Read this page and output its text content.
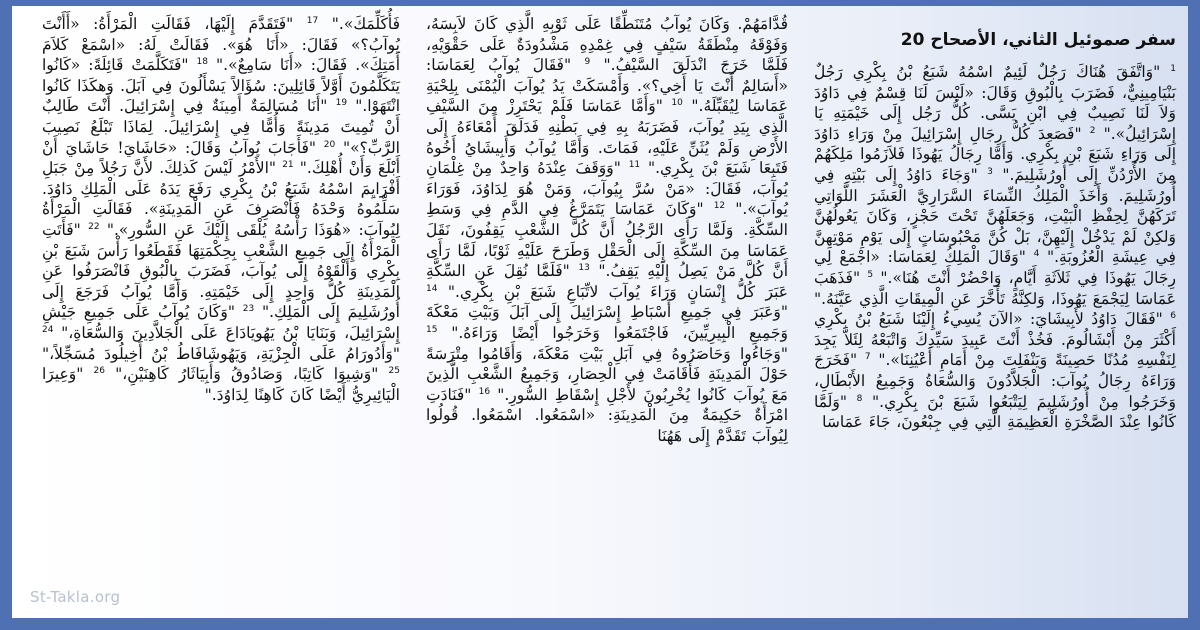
سفر صموئيل الثاني، الأصحاح 20

$^1$ "وَاتَّفَقَ هُنَاكَ رَجُلٌ لَئِيمٌ اسْمُهُ شَبَعُ بْنُ بِكْرِي رَجُلٌ بَنْيَامِينِيٌّ، فَضَرَبَ بِالْبُوقِ وَقَالَ: «لَيْسَ لَنَا قِسْمٌ فِي دَاوُدَ وَلاَ لَنَا نَصِيبٌ فِي ابْنِ يَسَّى. كُلُّ رَجُل إِلَى خَيْمَتِهِ يَا إِسْرَائِيلُ»." $^2$ "فَصَعِدَ كُلُّ رِجَالِ إِسْرَائِيلَ مِنْ وَرَاءِ دَاوُدَ إِلَى وَرَاءِ شَبَعَ بْنِ بِكْرِي. وَأَمَّا رِجَالُ يَهُوذَا فَلاَزَمُوا مَلِكَهُمْ مِنَ الأُرْدُنِّ إِلَى أُورُشَلِيمَ." $^3$ "وَجَاءَ دَاوُدُ إِلَى بَيْتِهِ فِي أُورُشَلِيمَ. وَأَخَذَ الْمَلِكُ النِّسَاءَ السَّرَارِيَّ الْعَشَرَ اللَّوَاتِي تَرَكَهُنَّ لِحِفْظِ الْبَيْتِ، وَجَعَلَهُنَّ تَحْتَ حَجْزٍ، وَكَانَ يَعُولُهُنَّ وَلكِنْ لَمْ يَدْخُلْ إِلَيْهِنَّ، بَلْ كُنَّ مَحْبُوسَاتٍ إِلَى يَوْمِ مَوْتِهِنَّ فِي عِيشَةِ الْعُزُوبَةِ." $^4$ "وَقَالَ الْمَلِكُ لِعَمَاسَا: «اجْمَعْ لِي رِجَالَ يَهُوذَا فِي ثَلاَثَةِ أَيَّامٍ، وَاحْضُرْ أَنْتَ هُنَا»." $^5$ "فَذَهَبَ عَمَاسَا لِيَجْمَعَ يَهُوذَا، وَلكِنَّهُ تَأَخَّرَ عَنِ الْمِيقَاتِ الَّذِي عَيَّنَهُ." $^6$ "فَقَالَ دَاوُدُ لأَبِيشَايَ: «الآنَ يُسِيءُ إِلَيْنَا شَبَعُ بْنُ بِكْرِي أَكْثَرَ مِنْ أَبْشَالُومَ. فَخُذْ أَنْتَ عَبِيدَ سَيِّدِكَ وَاتْبَعْهُ لِئَلاَّ يَجِدَ لِنَفْسِهِ مُدُنًا حَصِينَةً وَيَنْفَلِتَ مِنْ أَمَامِ أَعْيُنِنَا»." $^7$ "فَخَرَجَ وَرَاءَهُ رِجَالُ يُوآبَ: الْجَلاَّدُونَ وَالسُّعَاةُ وَجَمِيعُ الأَبْطَالِ، وَخَرَجُوا مِنْ أُورُشَلِيمَ لِيَتْبَعُوا شَبَعَ بْنَ بِكْرِي." $^8$ "وَلَمَّا كَانُوا عِنْدَ الصَّخْرَةِ الْعَظِيمَةِ الَّتِي فِي جِبْعُونَ، جَاءَ عَمَاسَا

قُدَّامَهُمْ. وَكَانَ يُوآبُ مُتَنَطِّقًا عَلَى ثَوْبِهِ الَّذِي كَانَ لاَبِسَهُ، وَفَوْقَهُ مِنْطَقَةُ سَيْفٍ فِي غِمْدِهِ مَشْدُودَةٌ عَلَى حَقْوَيْهِ، فَلَمَّا خَرَجَ انْدَلَقَ السَّيْفُ." $^9$ "فَقَالَ يُوآبُ لِعَمَاسَا: «أَسَالِمٌ أَنْتَ يَا أَخِي؟». وَأَمْسَكَتْ يَدُ يُوآبَ الْيُمْنَى بِلِحْيَةِ عَمَاسَا لِيُقَبِّلَهُ." $^{10}$ "وَأَمَّا عَمَاسَا فَلَمْ يَحْتَرِزْ مِنَ السَّيْفِ الَّذِي بِيَدِ يُوآبَ، فَضَرَبَهُ بِهِ فِي بَطْنِهِ فَدَلَقَ أَمْعَاءَهُ إِلَى الأَرْضِ وَلَمْ يُثَنِّ عَلَيْهِ، فَمَاتَ. وَأَمَّا يُوآبُ وَأَبِيشَايُ أَخُوهُ فَتَبِعَا شَبَعَ بْنَ بِكْرِي." $^{11}$ "وَوَقَفَ عِنْدَهُ وَاحِدٌ مِنْ غِلْمَانِ يُوآبَ، فَقَالَ: «مَنْ سُرَّ بِيُوآبَ، وَمَنْ هُوَ لِدَاوُدَ، فَوَرَاءَ يُوآبَ»." $^{12}$ "وَكَانَ عَمَاسَا يَتَمَرَّغُ فِي الدَّمِ فِي وَسَطِ السِّكَّةِ. وَلَمَّا رَأَى الرَّجُلُ أَنَّ كُلَّ الشَّعْبِ يَقِفُونَ، نَقَلَ عَمَاسَا مِنَ السِّكَّةِ إِلَى الْحَقْلِ وَطَرَحَ عَلَيْهِ ثَوْبًا، لَمَّا رَأَى أَنَّ كُلَّ مَنْ يَصِلُ إِلَيْهِ يَقِفُ." $^{13}$ "فَلَمَّا نُقِلَ عَنِ السِّكَّةِ عَبَرَ كُلُّ إِنْسَانٍ وَرَاءَ يُوآبَ لاتِّبَاعِ شَبَعَ بْنِ بِكْرِي." $^{14}$ "وَعَبَرَ فِي جَمِيعِ أَسْبَاطِ إِسْرَائِيلَ إِلَى آبَلَ وَبَيْتِ مَعْكَةَ وَجَمِيعِ الْبِيرِيِّينَ، فَاجْتَمَعُوا وَخَرَجُوا أَيْضًا وَرَاءَهُ." $^{15}$ "وَجَاءُوا وَحَاصَرُوهُ فِي آبَلِ بَيْتِ مَعْكَةَ، وَأَقَامُوا مِتْرَسَةً حَوْلَ الْمَدِينَةِ فَأَقَامَتْ فِي الْحِصَارِ، وَجَمِيعُ الشَّعْبِ الَّذِينَ مَعَ يُوآبَ كَانُوا يُخْرِبُونَ لأَجْلِ إِسْقَاطِ السُّورِ." $^{16}$ "فَنَادَتِ امْرَأَةٌ حَكِيمَةٌ مِنَ الْمَدِينَةِ: «اسْمَعُوا. اسْمَعُوا. قُولُوا لِيُوآبَ تَقَدَّمْ إِلَى هَهُنَا

فَأُكَلِّمَكَ»." $^{17}$ "فَتَقَدَّمَ إِلَيْهَا، فَقَالَتِ الْمَرْأَةُ: «أَأَنْتَ يُوآبُ؟» فَقَالَ: «أَنَا هُوَ». فَقَالَتْ لَهُ: «اسْمَعْ كَلاَمَ أَمَتِكَ». فَقَالَ: «أَنَا سَامِعٌ»." $^{18}$ "فَتَكَلَّمَتْ قَائِلَةً: «كَانُوا يَتَكَلَّمُونَ أَوَّلاً قَائِلِينَ: سُؤَالاً يَسْأَلُونَ فِي آبَلَ. وَهكَذَا كَانُوا انْتَهَوْا." $^{19}$ "أَنَا مُسَالِمَةٌ أَمِينَةٌ فِي إِسْرَائِيلَ. أَنْتَ طَالِبٌ أَنْ تُمِيتَ مَدِينَةً وَأُمًّا فِي إِسْرَائِيلَ. لِمَاذَا تَبْلَعُ نَصِيبَ الرَّبِّ؟»" $^{20}$ "فَأَجَابَ يُوآبُ وَقَالَ: «حَاشَايَ! حَاشَايَ أَنْ أَبْلَعَ وَأَنْ أُهْلِكَ." $^{21}$ "الأَمْرُ لَيْسَ كَذلِكَ. لأَنَّ رَجُلاً مِنْ جَبَلِ أَفْرَايِمَ اسْمُهُ شَبَعُ بْنُ بِكْرِي رَفَعَ يَدَهُ عَلَى الْمَلِكِ دَاوُدَ. سَلِّمُوهُ وَحْدَهُ فَأَنْصَرِفَ عَنِ الْمَدِينَةِ». فَقَالَتِ الْمَرْأَةُ لِيُوآبَ: «هُوَذَا رَأْسُهُ يُلْقَى إِلَيْكَ عَنِ السُّورِ»." $^{22}$ "فَأَتَتِ الْمَرْأَةُ إِلَى جَمِيعِ الشَّعْبِ بِحِكْمَتِهَا فَقَطَعُوا رَأْسَ شَبَعَ بْنِ بِكْرِي وَأَلْقَوْهُ إِلَى يُوآبَ، فَضَرَبَ بِالْبُوقِ فَانْصَرَفُوا عَنِ الْمَدِينَةِ كُلُّ وَاحِدٍ إِلَى خَيْمَتِهِ. وَأَمَّا يُوآبُ فَرَجَعَ إِلَى أُورُشَلِيمَ إِلَى الْمَلِكِ." $^{23}$ "وَكَانَ يُوآبُ عَلَى جَمِيعِ جَيْشِ إِسْرَائِيلَ، وَبَنَايَا بْنُ يَهُويَادَاعَ عَلَى الْجَلاَّدِينَ وَالسُّعَاةِ،" $^{24}$ "وَأَدُورَامُ عَلَى الْجِزْيَةِ، وَيَهُوشَافَاطُ بْنُ أَخِيلُودَ مُسَجِّلاً،" $^{25}$ "وَشِيوَا كَاتِبًا، وَصَادُوقُ وَأَبِيَاثَارُ كَاهِنَيْنِ،" $^{26}$ "وَعِيرَا الْيَائِيرِيُّ أَيْضًا كَانَ كَاهِنًا لِدَاوُدَ."

St-Takla.org
